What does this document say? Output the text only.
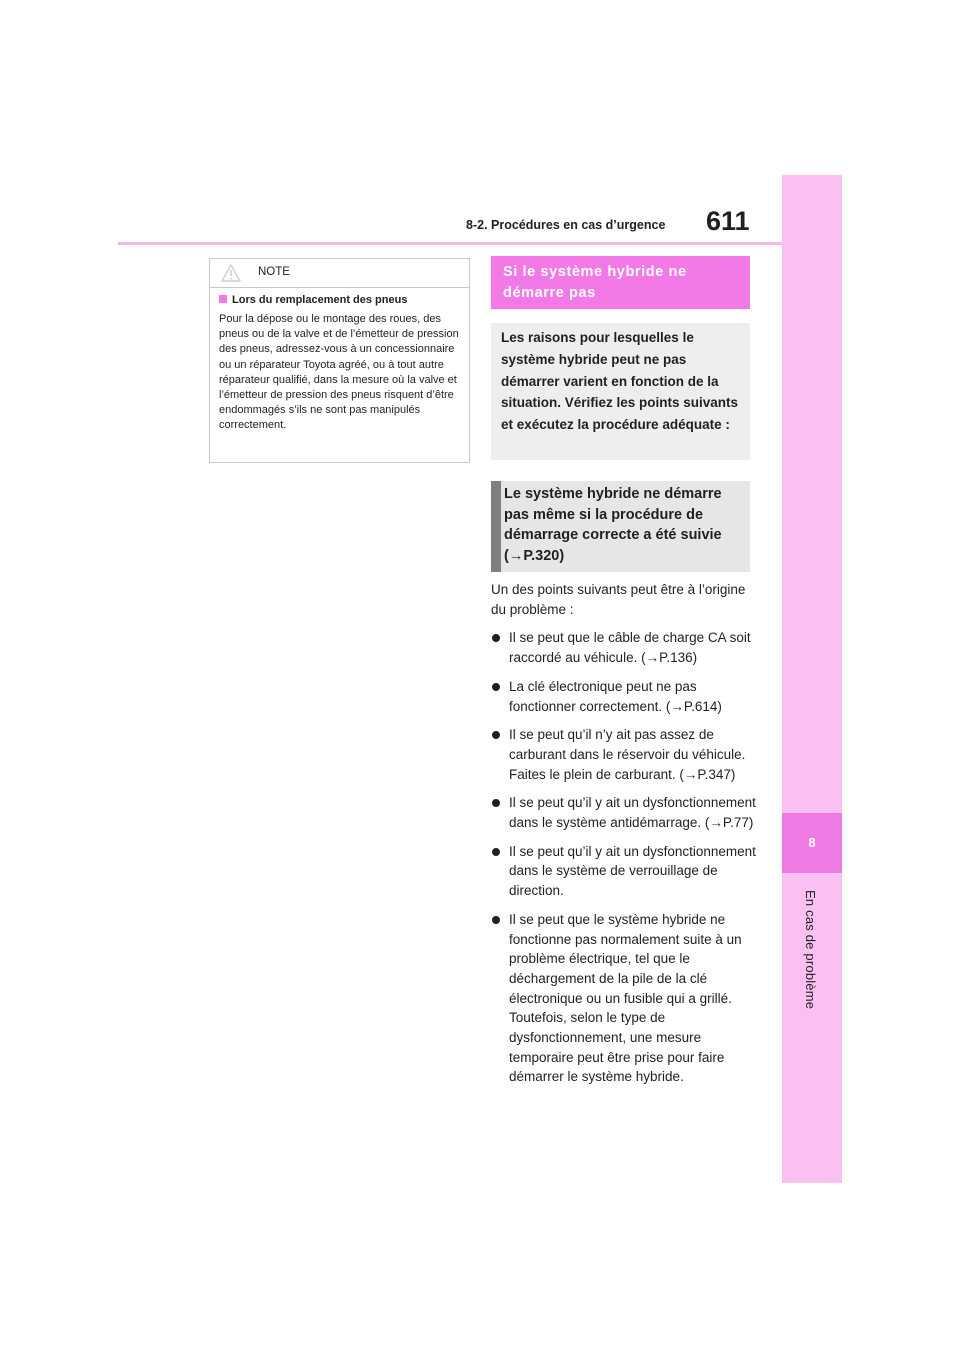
8-2. Procédures en cas d’urgence 611
8
En cas de problème
NOTE
Lors du remplacement des pneus
Pour la dépose ou le montage des roues, des pneus ou de la valve et de l’émetteur de pression des pneus, adressez-vous à un concessionnaire ou un réparateur Toyota agréé, ou à tout autre réparateur qualifié, dans la mesure où la valve et l’émetteur de pression des pneus risquent d’être endommagés s’ils ne sont pas manipulés correctement.
Si le système hybride ne démarre pas
Les raisons pour lesquelles le système hybride peut ne pas démarrer varient en fonction de la situation. Vérifiez les points suivants et exécutez la procédure adéquate :
Le système hybride ne démarre pas même si la procédure de démarrage correcte a été suivie (→P.320)

Un des points suivants peut être à l’origine du problème :

Il se peut que le câble de charge CA soit raccordé au véhicule. (→P.136)
La clé électronique peut ne pas fonctionner correctement. (→P.614)
Il se peut qu’il n’y ait pas assez de carburant dans le réservoir du véhicule.
Faites le plein de carburant. (→P.347)
Il se peut qu’il y ait un dysfonctionnement dans le système antidémarrage. (→P.77)
Il se peut qu’il y ait un dysfonctionnement dans le système de verrouillage de direction.
Il se peut que le système hybride ne fonctionne pas normalement suite à un problème électrique, tel que le déchargement de la pile de la clé électronique ou un fusible qui a grillé. Toutefois, selon le type de dysfonctionnement, une mesure temporaire peut être prise pour faire démarrer le système hybride.
